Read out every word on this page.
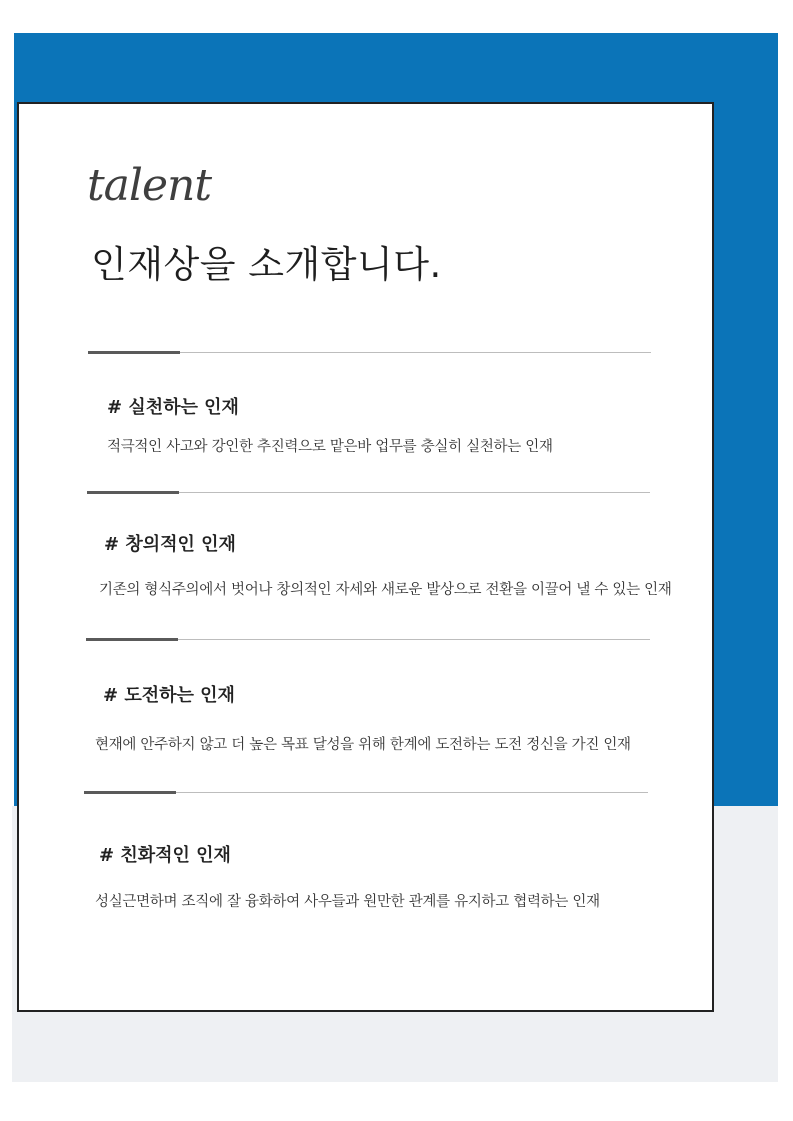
talent
인재상을 소개합니다.
# 실천하는 인재
적극적인 사고와 강인한 추진력으로 맡은바 업무를 충실히 실천하는 인재
# 창의적인 인재
기존의 형식주의에서 벗어나 창의적인 자세와 새로운 발상으로 전환을 이끌어 낼 수 있는 인재
# 도전하는 인재
현재에 안주하지 않고 더 높은 목표 달성을 위해 한계에 도전하는 도전 정신을 가진 인재
# 친화적인 인재
성실근면하며 조직에 잘 융화하여 사우들과 원만한 관계를 유지하고 협력하는 인재
